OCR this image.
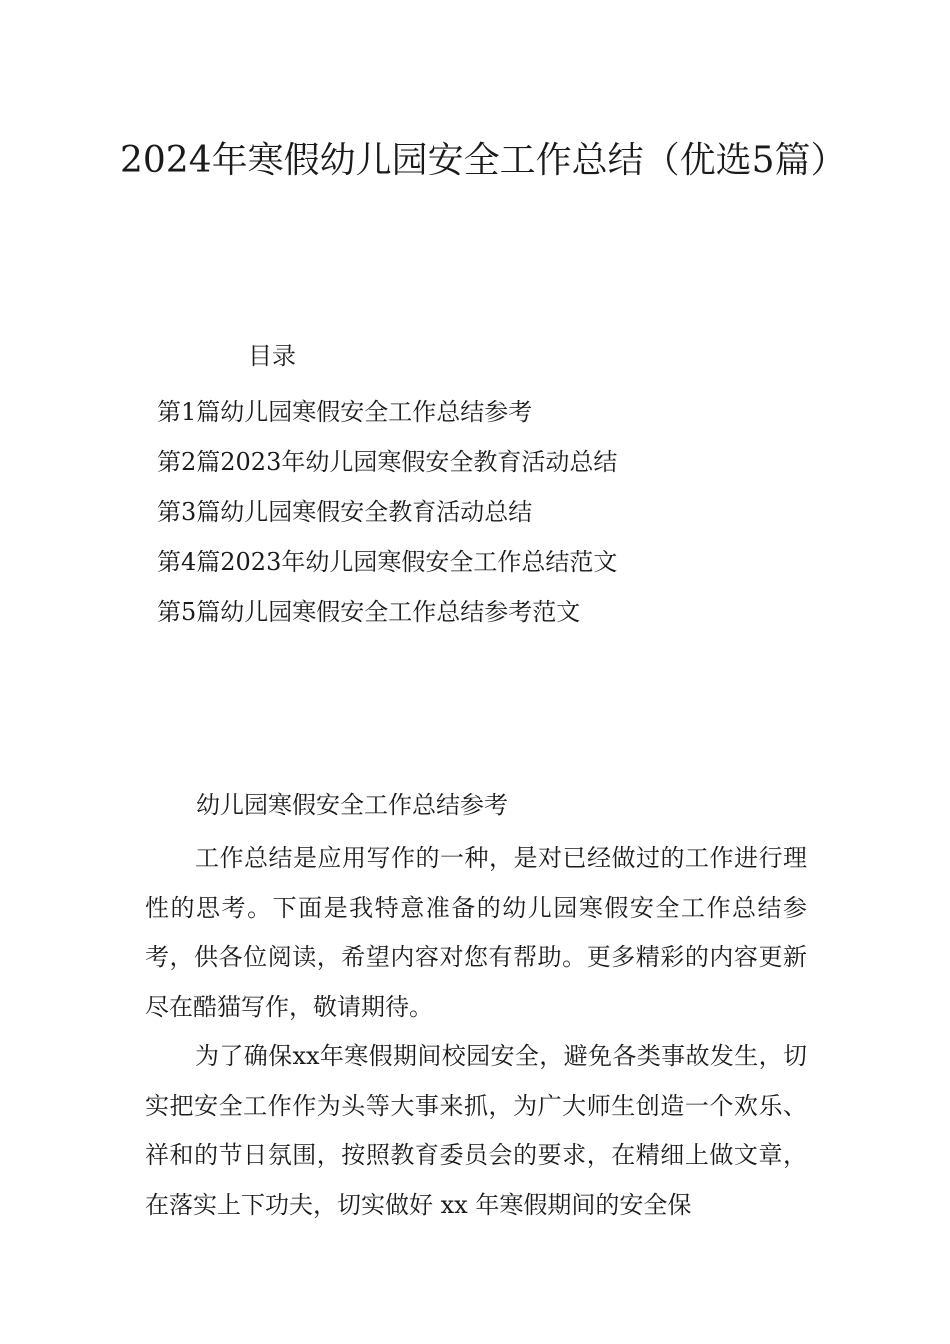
2024年寒假幼儿园安全工作总结（优选5篇）
目录
第1篇幼儿园寒假安全工作总结参考
第2篇2023年幼儿园寒假安全教育活动总结
第3篇幼儿园寒假安全教育活动总结
第4篇2023年幼儿园寒假安全工作总结范文
第5篇幼儿园寒假安全工作总结参考范文
幼儿园寒假安全工作总结参考

工作总结是应用写作的一种，是对已经做过的工作进行理性的思考。下面是我特意准备的幼儿园寒假安全工作总结参考，供各位阅读，希望内容对您有帮助。更多精彩的内容更新尽在酷猫写作，敬请期待。

为了确保xx年寒假期间校园安全，避免各类事故发生，切实把安全工作作为头等大事来抓，为广大师生创造一个欢乐、祥和的节日氛围，按照教育委员会的要求，在精细上做文章，在落实上下功夫，切实做好 xx 年寒假期间的安全保
